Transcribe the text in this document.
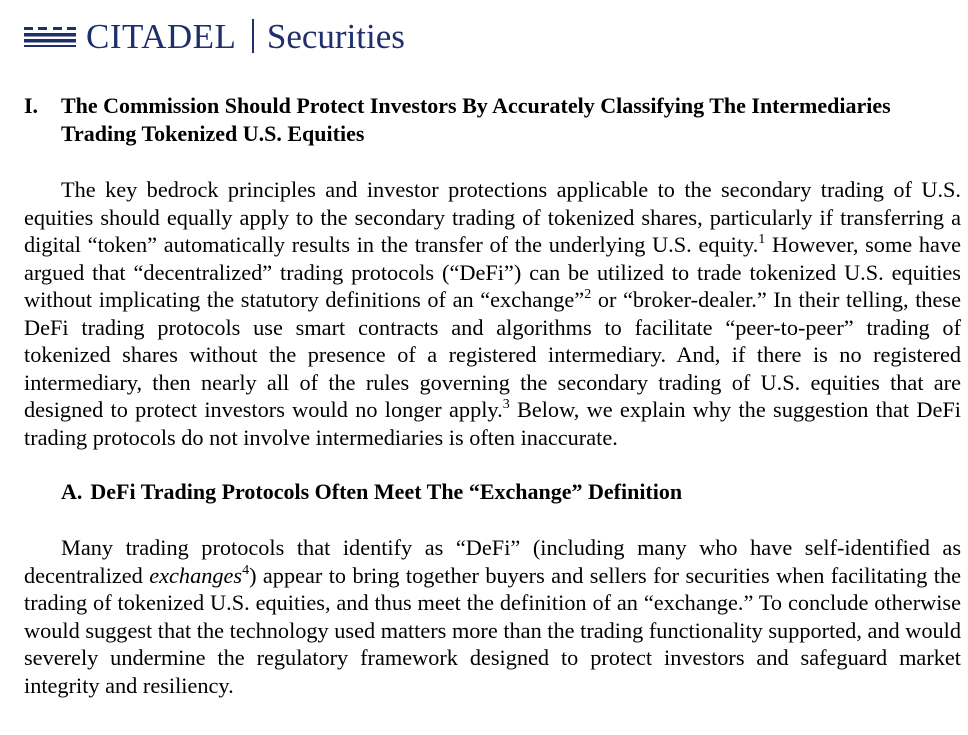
CITADEL Securities
I.	The Commission Should Protect Investors By Accurately Classifying The Intermediaries Trading Tokenized U.S. Equities

The key bedrock principles and investor protections applicable to the secondary trading of U.S. equities should equally apply to the secondary trading of tokenized shares, particularly if transferring a digital “token” automatically results in the transfer of the underlying U.S. equity.$^1$ However, some have argued that “decentralized” trading protocols (“DeFi”) can be utilized to trade tokenized U.S. equities without implicating the statutory definitions of an “exchange”$^2$ or “broker-dealer.” In their telling, these DeFi trading protocols use smart contracts and algorithms to facilitate “peer-to-peer” trading of tokenized shares without the presence of a registered intermediary. And, if there is no registered intermediary, then nearly all of the rules governing the secondary trading of U.S. equities that are designed to protect investors would no longer apply.$^3$ Below, we explain why the suggestion that DeFi trading protocols do not involve intermediaries is often inaccurate.

A. DeFi Trading Protocols Often Meet The “Exchange” Definition

Many trading protocols that identify as “DeFi” (including many who have self-identified as decentralized exchanges$^4$) appear to bring together buyers and sellers for securities when facilitating the trading of tokenized U.S. equities, and thus meet the definition of an “exchange.” To conclude otherwise would suggest that the technology used matters more than the trading functionality supported, and would severely undermine the regulatory framework designed to protect investors and safeguard market integrity and resiliency.
